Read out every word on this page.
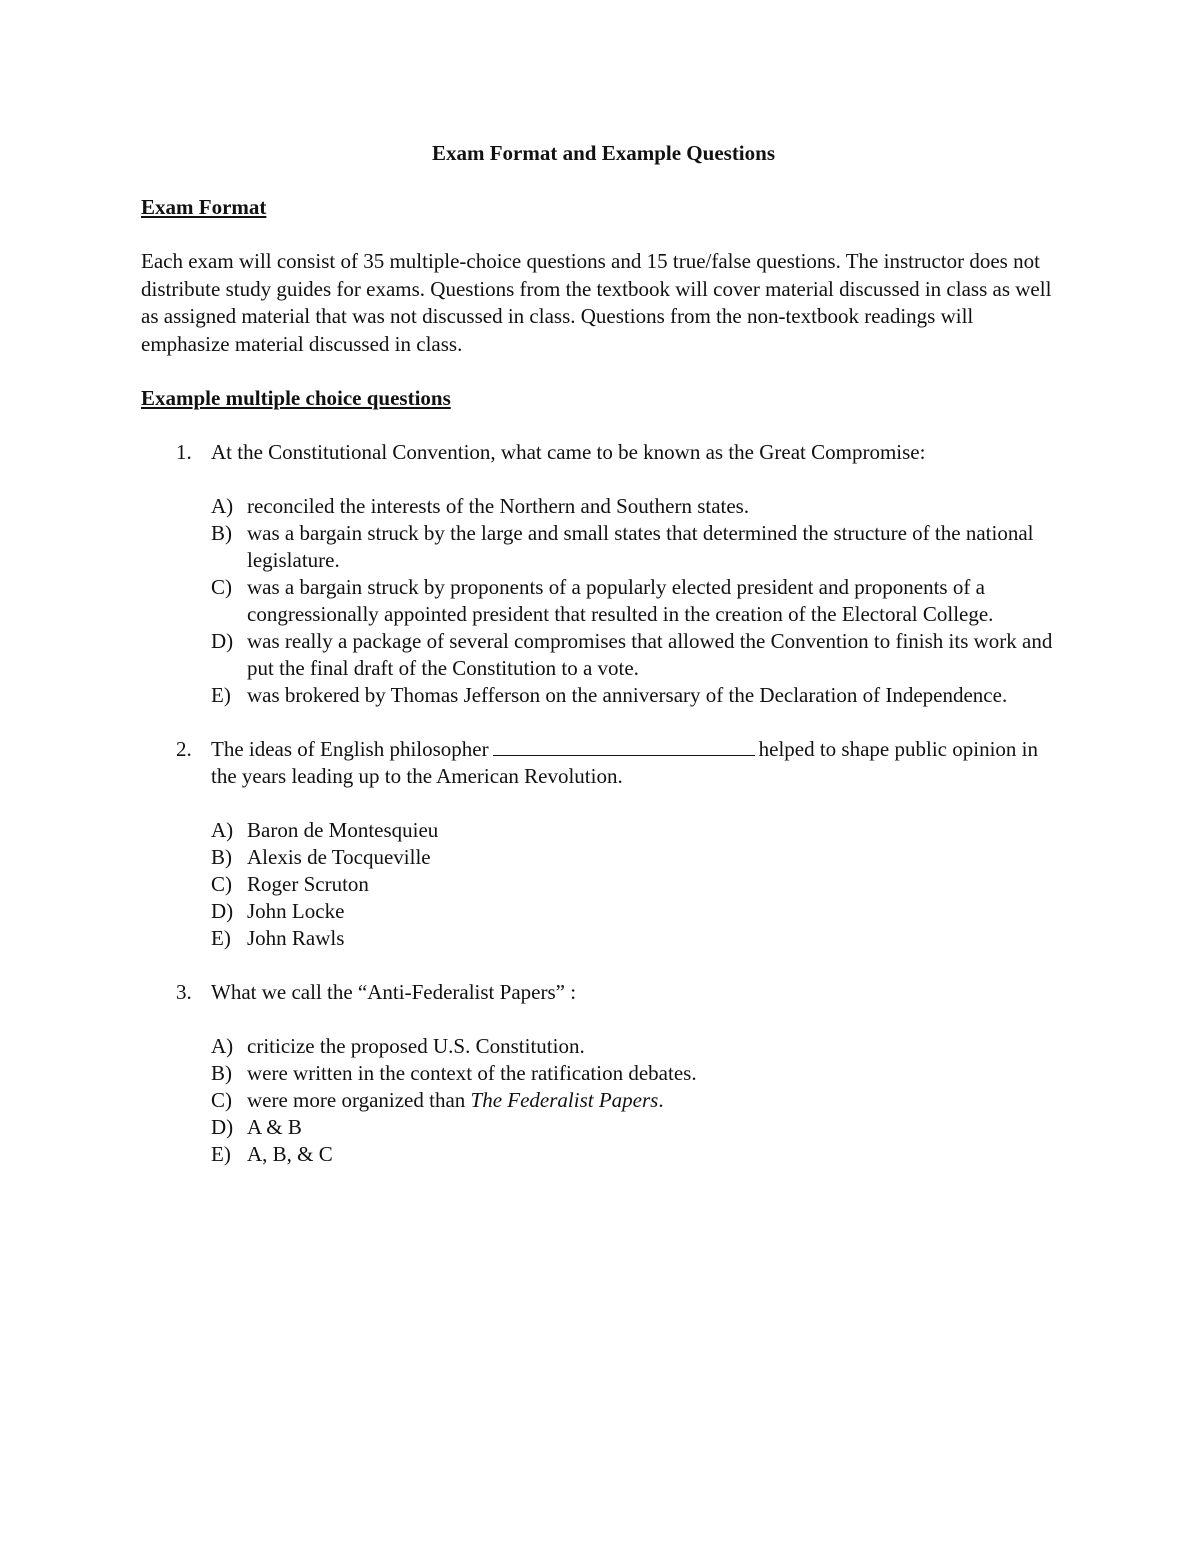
Exam Format and Example Questions
Exam Format

Each exam will consist of 35 multiple-choice questions and 15 true/false questions. The instructor does not distribute study guides for exams. Questions from the textbook will cover material discussed in class as well as assigned material that was not discussed in class. Questions from the non-textbook readings will emphasize material discussed in class.

Example multiple choice questions
1. At the Constitutional Convention, what came to be known as the Great Compromise:
A) reconciled the interests of the Northern and Southern states.
B) was a bargain struck by the large and small states that determined the structure of the national legislature.
C) was a bargain struck by proponents of a popularly elected president and proponents of a congressionally appointed president that resulted in the creation of the Electoral College.
D) was really a package of several compromises that allowed the Convention to finish its work and put the final draft of the Constitution to a vote.
E) was brokered by Thomas Jefferson on the anniversary of the Declaration of Independence.
2. The ideas of English philosopher	helped to shape public opinion in the years leading up to the American Revolution.
A) Baron de Montesquieu
B) Alexis de Tocqueville
C) Roger Scruton
D) John Locke
E) John Rawls
3. What we call the “Anti-Federalist Papers” :
A) criticize the proposed U.S. Constitution.
B) were written in the context of the ratification debates.
C) were more organized than The Federalist Papers.
D) A & B
E) A, B, & C
